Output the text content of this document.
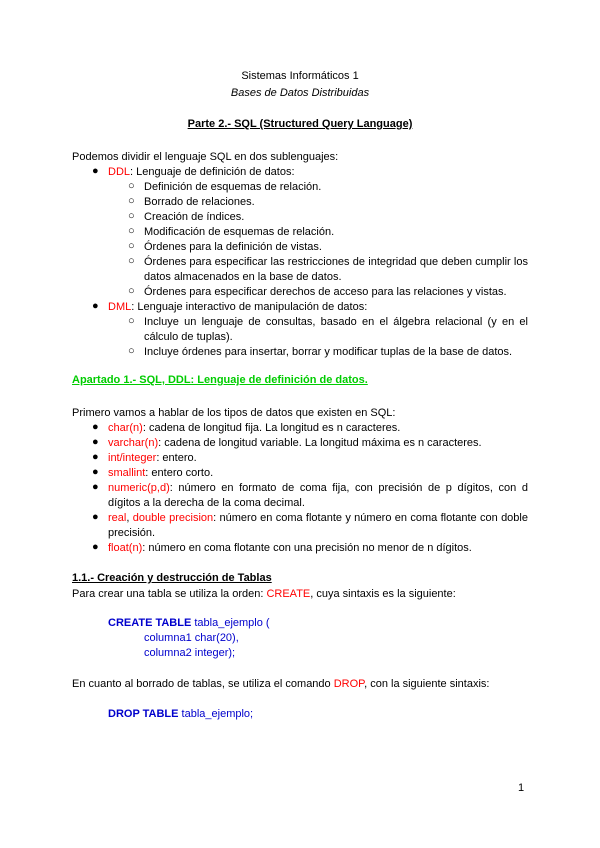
Sistemas Informáticos 1
Bases de Datos Distribuidas
Parte 2.- SQL (Structured Query Language)
Podemos dividir el lenguaje SQL en dos sublenguajes:
● DDL: Lenguaje de definición de datos:
○ Definición de esquemas de relación.
○ Borrado de relaciones.
○ Creación de índices.
○ Modificación de esquemas de relación.
○ Órdenes para la definición de vistas.
○ Órdenes para especificar las restricciones de integridad que deben cumplir los datos almacenados en la base de datos.
○ Órdenes para especificar derechos de acceso para las relaciones y vistas.
● DML: Lenguaje interactivo de manipulación de datos:
○ Incluye un lenguaje de consultas, basado en el álgebra relacional (y en el cálculo de tuplas).
○ Incluye órdenes para insertar, borrar y modificar tuplas de la base de datos.
Apartado 1.- SQL, DDL: Lenguaje de definición de datos.
Primero vamos a hablar de los tipos de datos que existen en SQL:
● char(n): cadena de longitud fija. La longitud es n caracteres.
● varchar(n): cadena de longitud variable. La longitud máxima es n caracteres.
● int/integer: entero.
● smallint: entero corto.
● numeric(p,d): número en formato de coma fija, con precisión de p dígitos, con d dígitos a la derecha de la coma decimal.
● real, double precision: número en coma flotante y número en coma flotante con doble precisión.
● float(n): número en coma flotante con una precisión no menor de n dígitos.
1.1.- Creación y destrucción de Tablas
Para crear una tabla se utiliza la orden: CREATE, cuya sintaxis es la siguiente:
CREATE TABLE tabla_ejemplo (
columna1 char(20),
columna2 integer);
En cuanto al borrado de tablas, se utiliza el comando DROP, con la siguiente sintaxis:
DROP TABLE tabla_ejemplo;
1
